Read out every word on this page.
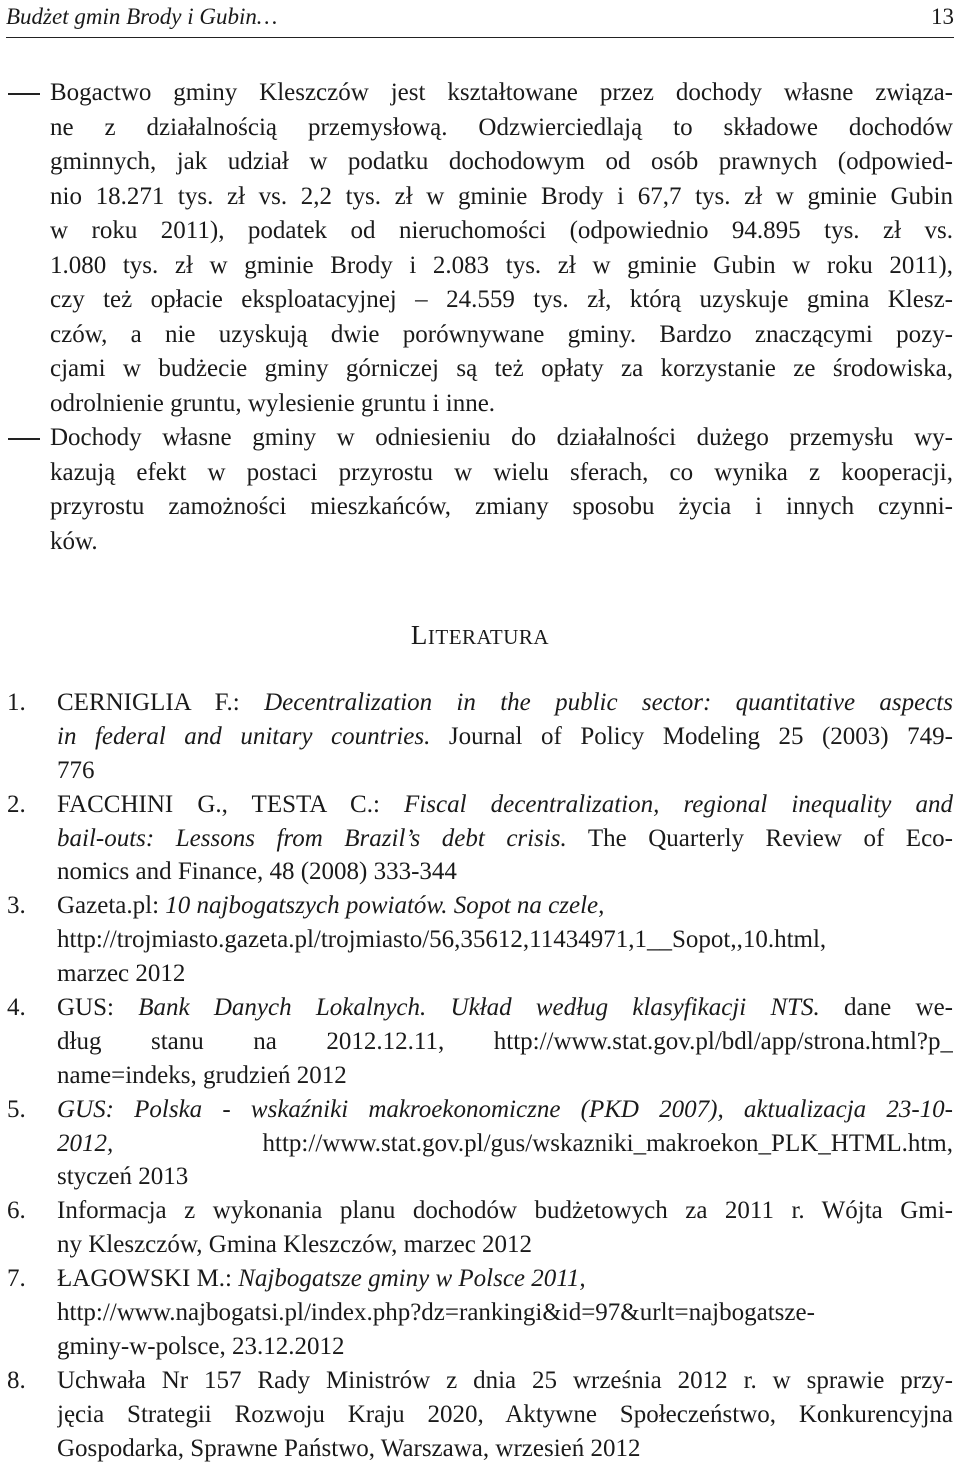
Budżet gmin Brody i Gubin…	13
Bogactwo gminy Kleszczów jest kształtowane przez dochody własne związa-
ne z działalnością przemysłową. Odzwierciedlają to składowe dochodów
gminnych, jak udział w podatku dochodowym od osób prawnych (odpowied-
nio 18.271 tys. zł vs. 2,2 tys. zł w gminie Brody i 67,7 tys. zł w gminie Gubin
w roku 2011), podatek od nieruchomości (odpowiednio 94.895 tys. zł vs.
1.080 tys. zł w gminie Brody i 2.083 tys. zł w gminie Gubin w roku 2011),
czy też opłacie eksploatacyjnej – 24.559 tys. zł, którą uzyskuje gmina Klesz-
czów, a nie uzyskują dwie porównywane gminy. Bardzo znaczącymi pozy-
cjami w budżecie gminy górniczej są też opłaty za korzystanie ze środowiska,
odrolnienie gruntu, wylesienie gruntu i inne.
Dochody własne gminy w odniesieniu do działalności dużego przemysłu wy-
kazują efekt w postaci przyrostu w wielu sferach, co wynika z kooperacji,
przyrostu zamożności mieszkańców, zmiany sposobu życia i innych czynni-
ków.
LITERATURA
1. CERNIGLIA F.: Decentralization in the public sector: quantitative aspects
in federal and unitary countries. Journal of Policy Modeling 25 (2003) 749-
776
2. FACCHINI G., TESTA C.: Fiscal decentralization, regional inequality and
bail-outs: Lessons from Brazil’s debt crisis. The Quarterly Review of Eco-
nomics and Finance, 48 (2008) 333-344
3. Gazeta.pl: 10 najbogatszych powiatów. Sopot na czele,
http://trojmiasto.gazeta.pl/trojmiasto/56,35612,11434971,1__Sopot,,10.html,
marzec 2012
4. GUS: Bank Danych Lokalnych. Układ według klasyfikacji NTS. dane we-
dług stanu na 2012.12.11, http://www.stat.gov.pl/bdl/app/strona.html?p_
name=indeks, grudzień 2012
5. GUS: Polska - wskaźniki makroekonomiczne (PKD 2007), aktualizacja 23-10-
2012,	http://www.stat.gov.pl/gus/wskazniki_makroekon_PLK_HTML.htm,
styczeń 2013
6. Informacja z wykonania planu dochodów budżetowych za 2011 r. Wójta Gmi-
ny Kleszczów, Gmina Kleszczów, marzec 2012
7. ŁAGOWSKI M.: Najbogatsze gminy w Polsce 2011,
http://www.najbogatsi.pl/index.php?dz=rankingi&id=97&urlt=najbogatsze-
gminy-w-polsce, 23.12.2012
8. Uchwała Nr 157 Rady Ministrów z dnia 25 września 2012 r. w sprawie przy-
jęcia Strategii Rozwoju Kraju 2020, Aktywne Społeczeństwo, Konkurencyjna
Gospodarka, Sprawne Państwo, Warszawa, wrzesień 2012
